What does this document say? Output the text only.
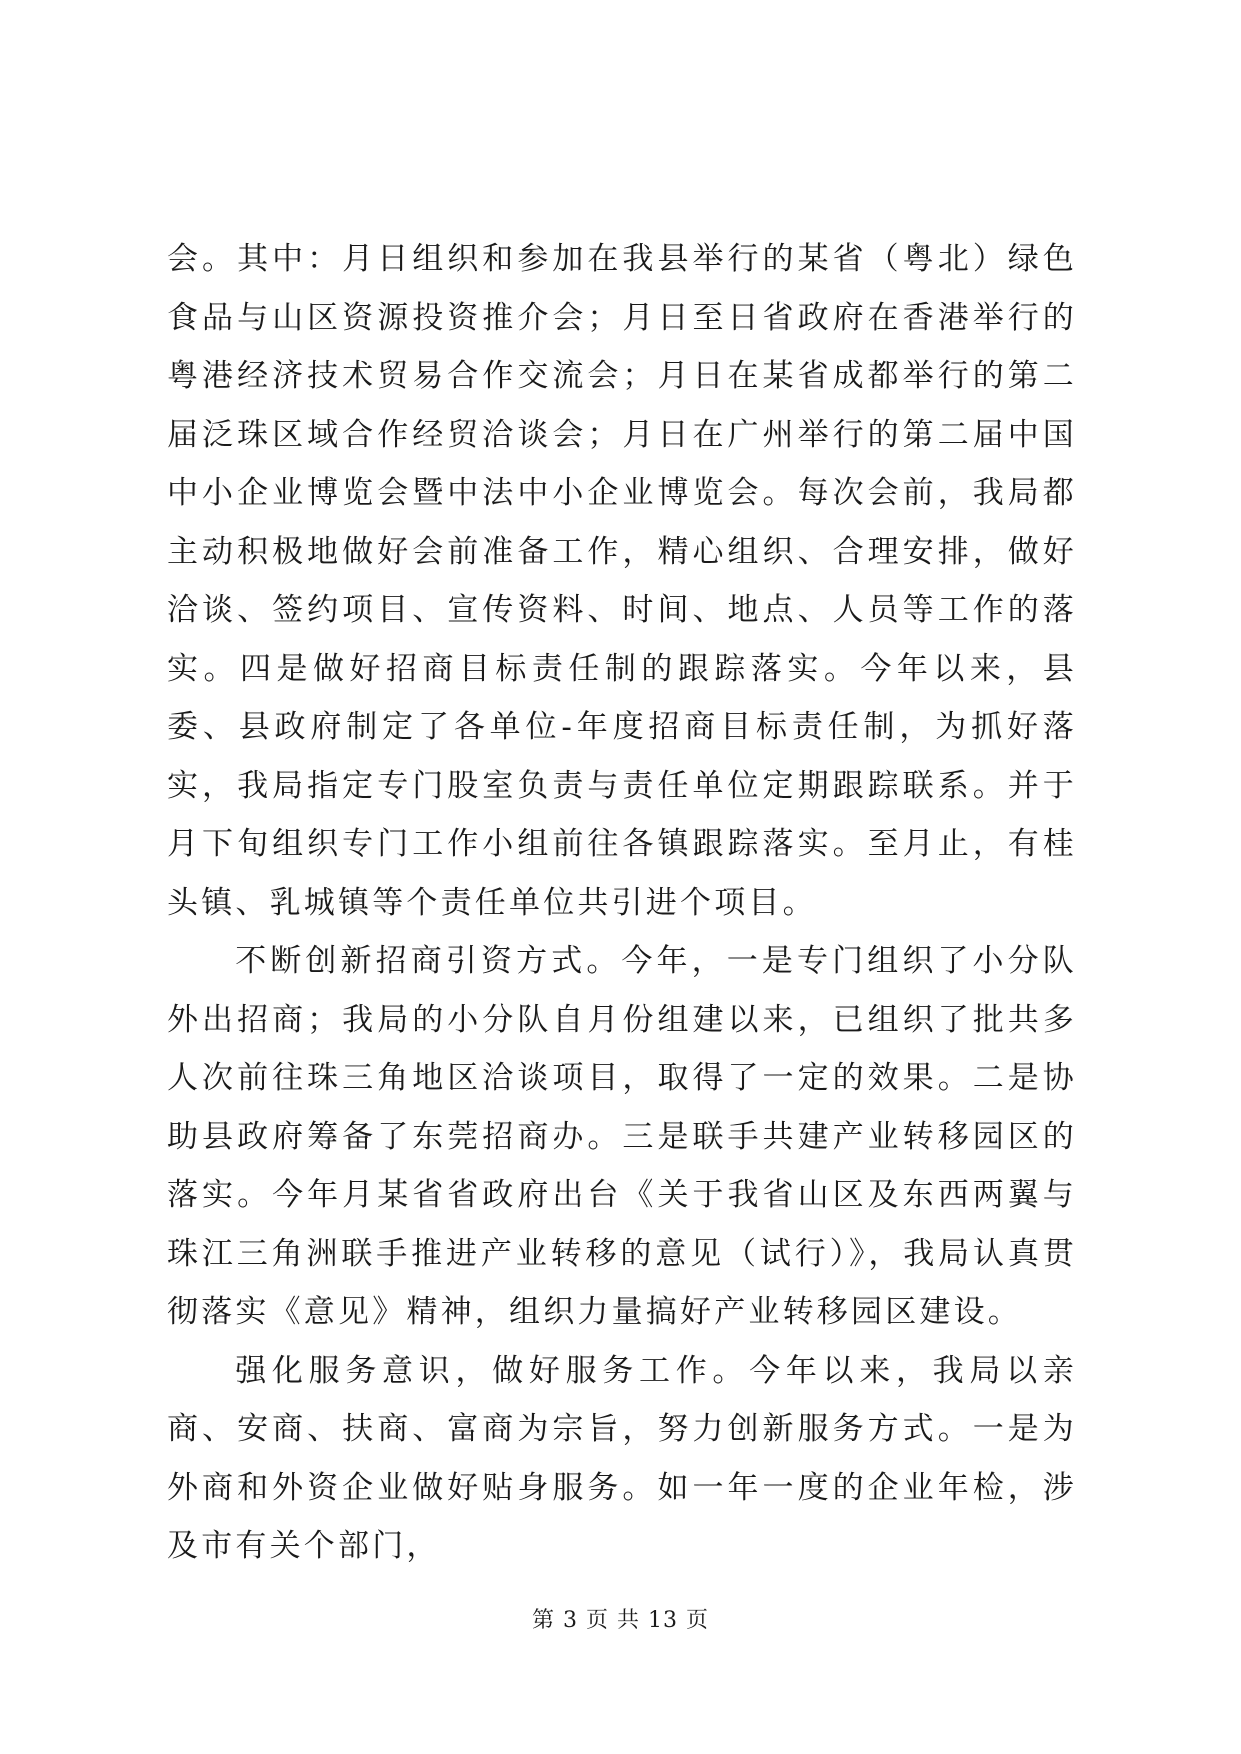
会。其中：月日组织和参加在我县举行的某省（粤北）绿色食品与山区资源投资推介会；月日至日省政府在香港举行的粤港经济技术贸易合作交流会；月日在某省成都举行的第二届泛珠区域合作经贸洽谈会；月日在广州举行的第二届中国中小企业博览会暨中法中小企业博览会。每次会前，我局都主动积极地做好会前准备工作，精心组织、合理安排，做好洽谈、签约项目、宣传资料、时间、地点、人员等工作的落实。四是做好招商目标责任制的跟踪落实。今年以来，县委、县政府制定了各单位-年度招商目标责任制，为抓好落实，我局指定专门股室负责与责任单位定期跟踪联系。并于月下旬组织专门工作小组前往各镇跟踪落实。至月止，有桂头镇、乳城镇等个责任单位共引进个项目。

不断创新招商引资方式。今年，一是专门组织了小分队外出招商；我局的小分队自月份组建以来，已组织了批共多人次前往珠三角地区洽谈项目，取得了一定的效果。二是协助县政府筹备了东莞招商办。三是联手共建产业转移园区的落实。今年月某省省政府出台《关于我省山区及东西两翼与珠江三角洲联手推进产业转移的意见（试行）》，我局认真贯彻落实《意见》精神，组织力量搞好产业转移园区建设。

强化服务意识，做好服务工作。今年以来，我局以亲商、安商、扶商、富商为宗旨，努力创新服务方式。一是为外商和外资企业做好贴身服务。如一年一度的企业年检，涉及市有关个部门，

第 3 页 共 13 页
